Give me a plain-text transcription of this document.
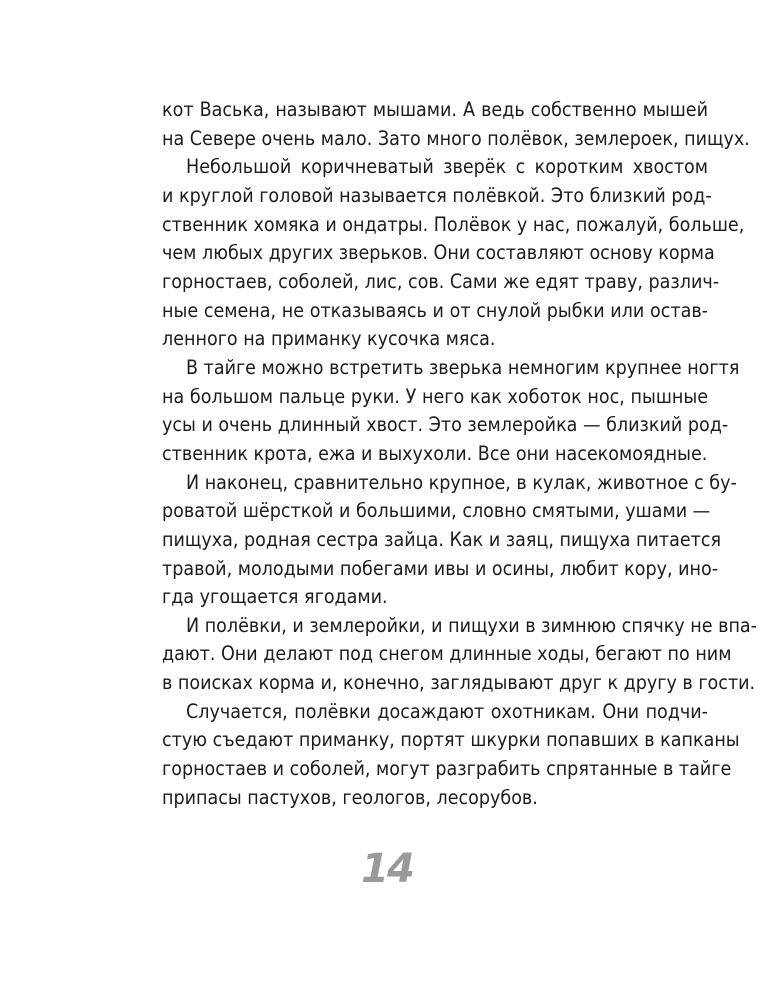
кот Васька, называют мышами. А ведь собственно мышей
на Севере очень мало. Зато много полёвок, землероек, пищух.
Небольшой коричневатый зверёк с коротким хвостом
и круглой головой называется полёвкой. Это близкий род-
ственник хомяка и ондатры. Полёвок у нас, пожалуй, больше,
чем любых других зверьков. Они составляют основу корма
горностаев, соболей, лис, сов. Сами же едят траву, различ-
ные семена, не отказываясь и от снулой рыбки или остав-
ленного на приманку кусочка мяса.
В тайге можно встретить зверька немногим крупнее ногтя
на большом пальце руки. У него как хоботок нос, пышные
усы и очень длинный хвост. Это землеройка — близкий род-
ственник крота, ежа и выхухоли. Все они насекомоядные.
И наконец, сравнительно крупное, в кулак, животное с бу-
роватой шёрсткой и большими, словно смятыми, ушами —
пищуха, родная сестра зайца. Как и заяц, пищуха питается
травой, молодыми побегами ивы и осины, любит кору, ино-
гда угощается ягодами.
И полёвки, и землеройки, и пищухи в зимнюю спячку не впа-
дают. Они делают под снегом длинные ходы, бегают по ним
в поисках корма и, конечно, заглядывают друг к другу в гости.
Случается, полёвки досаждают охотникам. Они подчи-
стую съедают приманку, портят шкурки попавших в капканы
горностаев и соболей, могут разграбить спрятанные в тайге
припасы пастухов, геологов, лесорубов.
14
